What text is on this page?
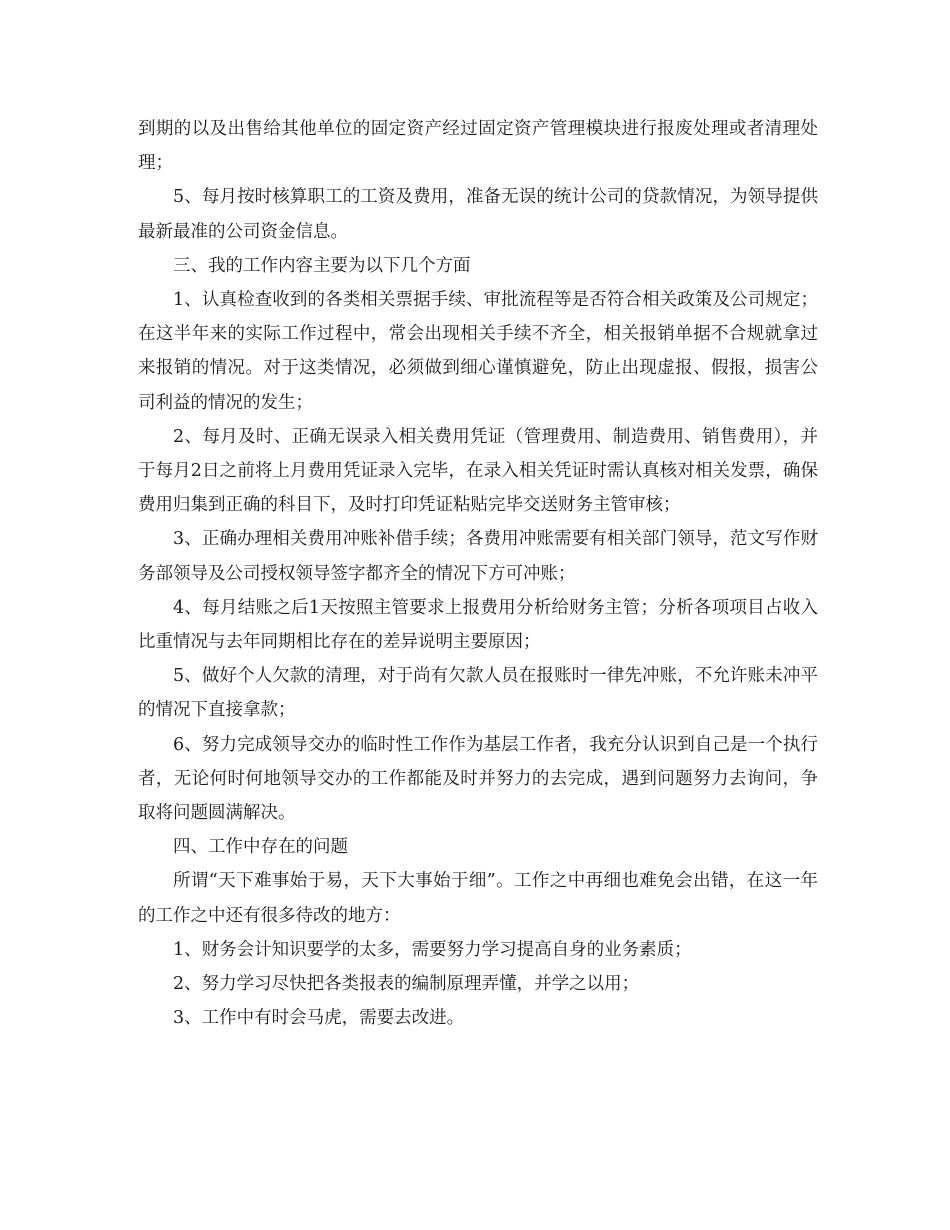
到期的以及出售给其他单位的固定资产经过固定资产管理模块进行报废处理或者清理处理；

5、每月按时核算职工的工资及费用，准备无误的统计公司的贷款情况，为领导提供最新最准的公司资金信息。

三、我的工作内容主要为以下几个方面

1、认真检查收到的各类相关票据手续、审批流程等是否符合相关政策及公司规定；在这半年来的实际工作过程中，常会出现相关手续不齐全，相关报销单据不合规就拿过来报销的情况。对于这类情况，必须做到细心谨慎避免，防止出现虚报、假报，损害公司利益的情况的发生；

2、每月及时、正确无误录入相关费用凭证（管理费用、制造费用、销售费用），并于每月2日之前将上月费用凭证录入完毕，在录入相关凭证时需认真核对相关发票，确保费用归集到正确的科目下，及时打印凭证粘贴完毕交送财务主管审核；

3、正确办理相关费用冲账补借手续；各费用冲账需要有相关部门领导，范文写作财务部领导及公司授权领导签字都齐全的情况下方可冲账；

4、每月结账之后1天按照主管要求上报费用分析给财务主管；分析各项项目占收入比重情况与去年同期相比存在的差异说明主要原因；

5、做好个人欠款的清理，对于尚有欠款人员在报账时一律先冲账，不允许账未冲平的情况下直接拿款；

6、努力完成领导交办的临时性工作作为基层工作者，我充分认识到自己是一个执行者，无论何时何地领导交办的工作都能及时并努力的去完成，遇到问题努力去询问，争取将问题圆满解决。

四、工作中存在的问题

所谓“天下难事始于易，天下大事始于细”。工作之中再细也难免会出错，在这一年的工作之中还有很多待改的地方：

1、财务会计知识要学的太多，需要努力学习提高自身的业务素质；

2、努力学习尽快把各类报表的编制原理弄懂，并学之以用；

3、工作中有时会马虎，需要去改进。
